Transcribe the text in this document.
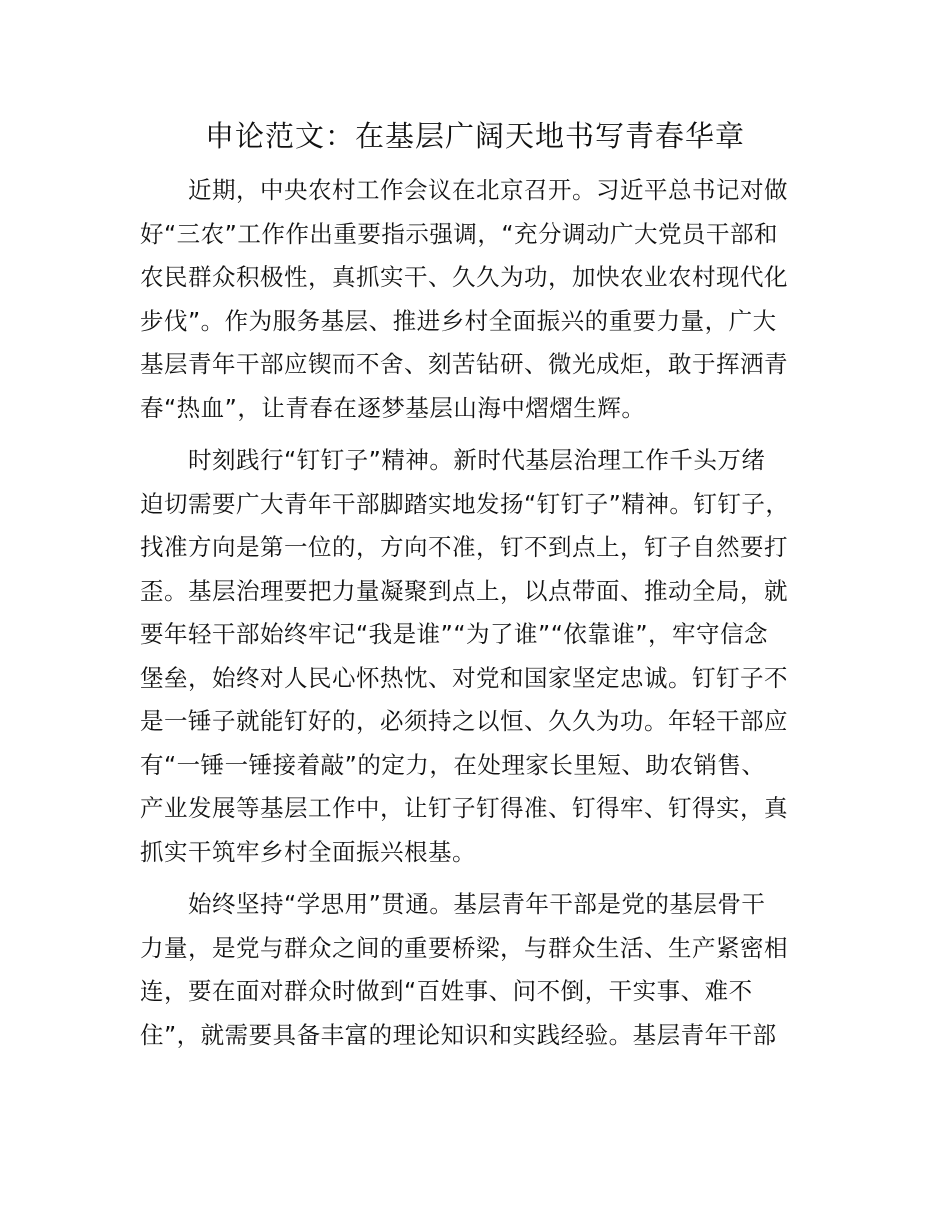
申论范文：在基层广阔天地书写青春华章
近期，中央农村工作会议在北京召开。习近平总书记对做
好“三农”工作作出重要指示强调，“充分调动广大党员干部和
农民群众积极性，真抓实干、久久为功，加快农业农村现代化
步伐”。作为服务基层、推进乡村全面振兴的重要力量，广大
基层青年干部应锲而不舍、刻苦钻研、微光成炬，敢于挥洒青
春“热血”，让青春在逐梦基层山海中熠熠生辉。
时刻践行“钉钉子”精神。新时代基层治理工作千头万绪
迫切需要广大青年干部脚踏实地发扬“钉钉子”精神。钉钉子，
找准方向是第一位的，方向不准，钉不到点上，钉子自然要打
歪。基层治理要把力量凝聚到点上，以点带面、推动全局，就
要年轻干部始终牢记“我是谁”“为了谁”“依靠谁”，牢守信念
堡垒，始终对人民心怀热忱、对党和国家坚定忠诚。钉钉子不
是一锤子就能钉好的，必须持之以恒、久久为功。年轻干部应
有“一锤一锤接着敲”的定力，在处理家长里短、助农销售、
产业发展等基层工作中，让钉子钉得准、钉得牢、钉得实，真
抓实干筑牢乡村全面振兴根基。
始终坚持“学思用”贯通。基层青年干部是党的基层骨干
力量，是党与群众之间的重要桥梁，与群众生活、生产紧密相
连，要在面对群众时做到“百姓事、问不倒，干实事、难不
住”，就需要具备丰富的理论知识和实践经验。基层青年干部
